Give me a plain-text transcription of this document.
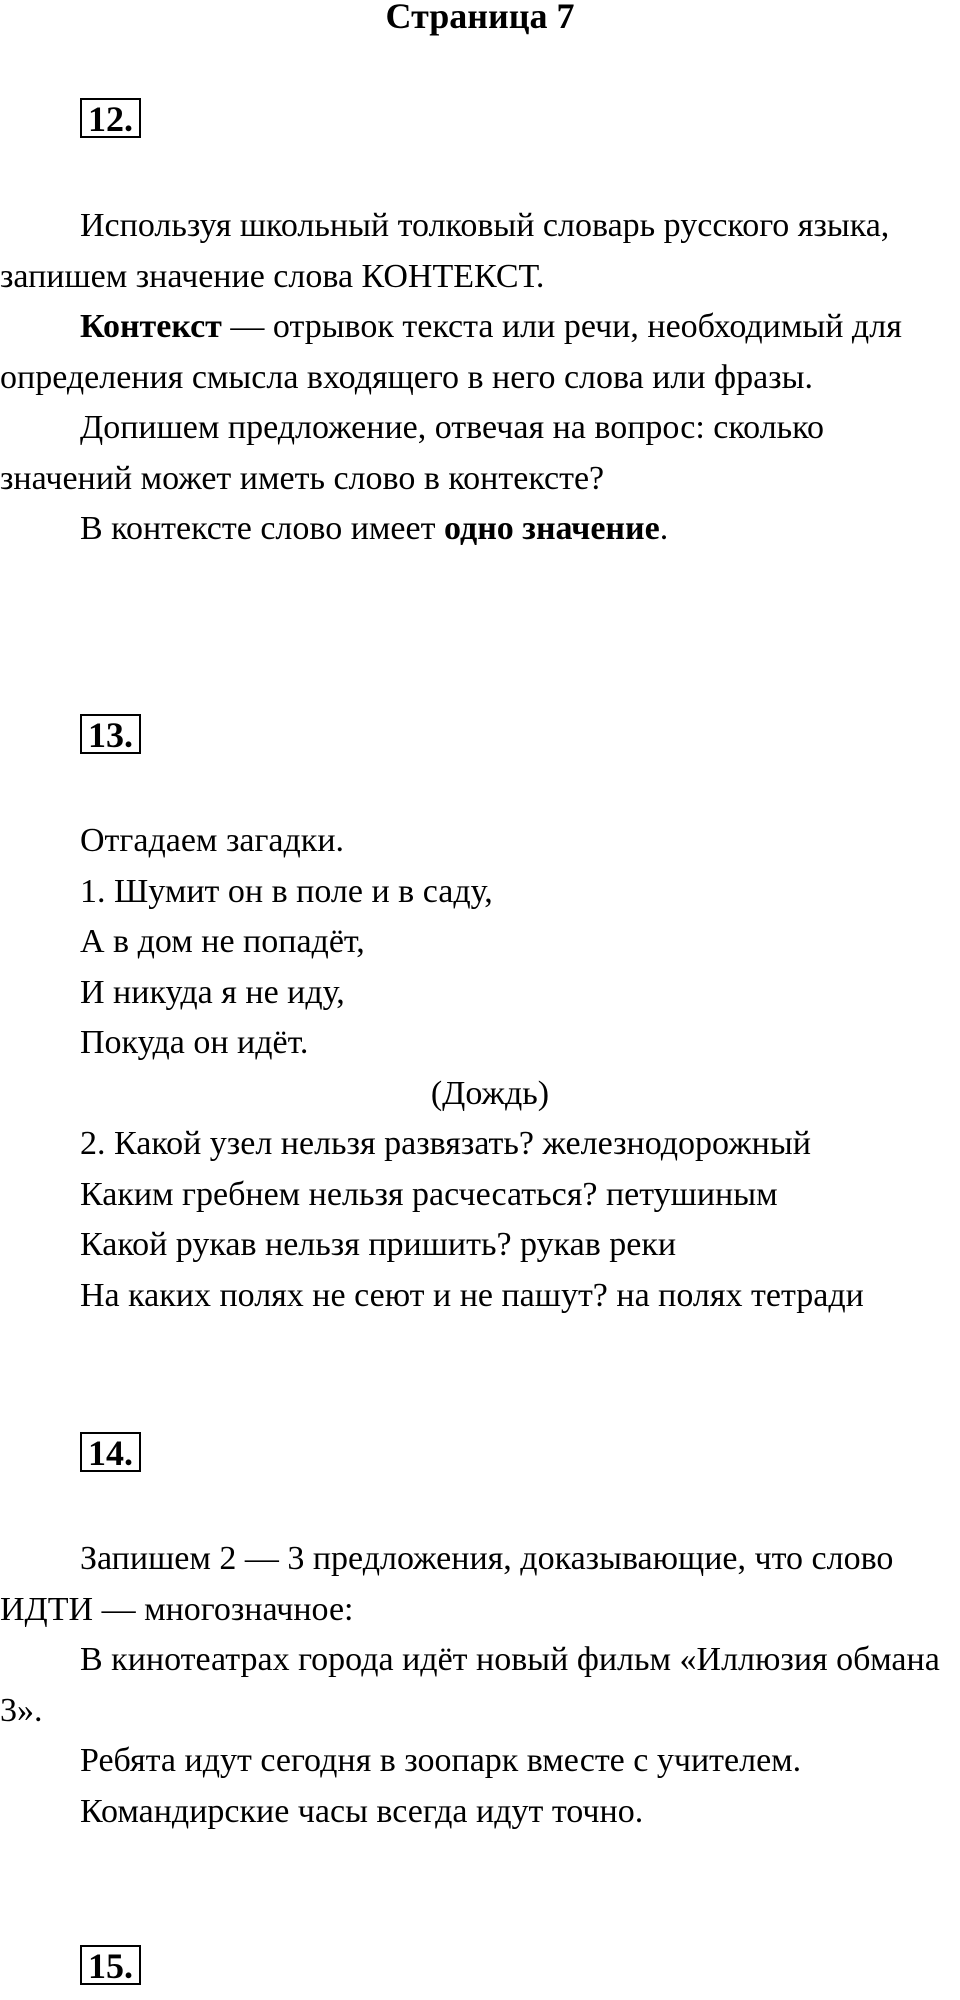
Страница 7
12.

Используя школьный толковый словарь русского языка, запишем значение слова КОНТЕКСТ.

Контекст — отрывок текста или речи, необходимый для определения смысла входящего в него слова или фразы.

Допишем предложение, отвечая на вопрос: сколько значений может иметь слово в контексте?

В контексте слово имеет одно значение.

13.

Отгадаем загадки.

1. Шумит он в поле и в саду,

А в дом не попадёт,

И никуда я не иду,

Покуда он идёт.

(Дождь)

2. Какой узел нельзя развязать? железнодорожный

Каким гребнем нельзя расчесаться? петушиным

Какой рукав нельзя пришить? рукав реки

На каких полях не сеют и не пашут? на полях тетради

14.

Запишем 2 — 3 предложения, доказывающие, что слово ИДТИ — многозначное:

В кинотеатрах города идёт новый фильм «Иллюзия обмана 3».

Ребята идут сегодня в зоопарк вместе с учителем.

Командирские часы всегда идут точно.

15.
